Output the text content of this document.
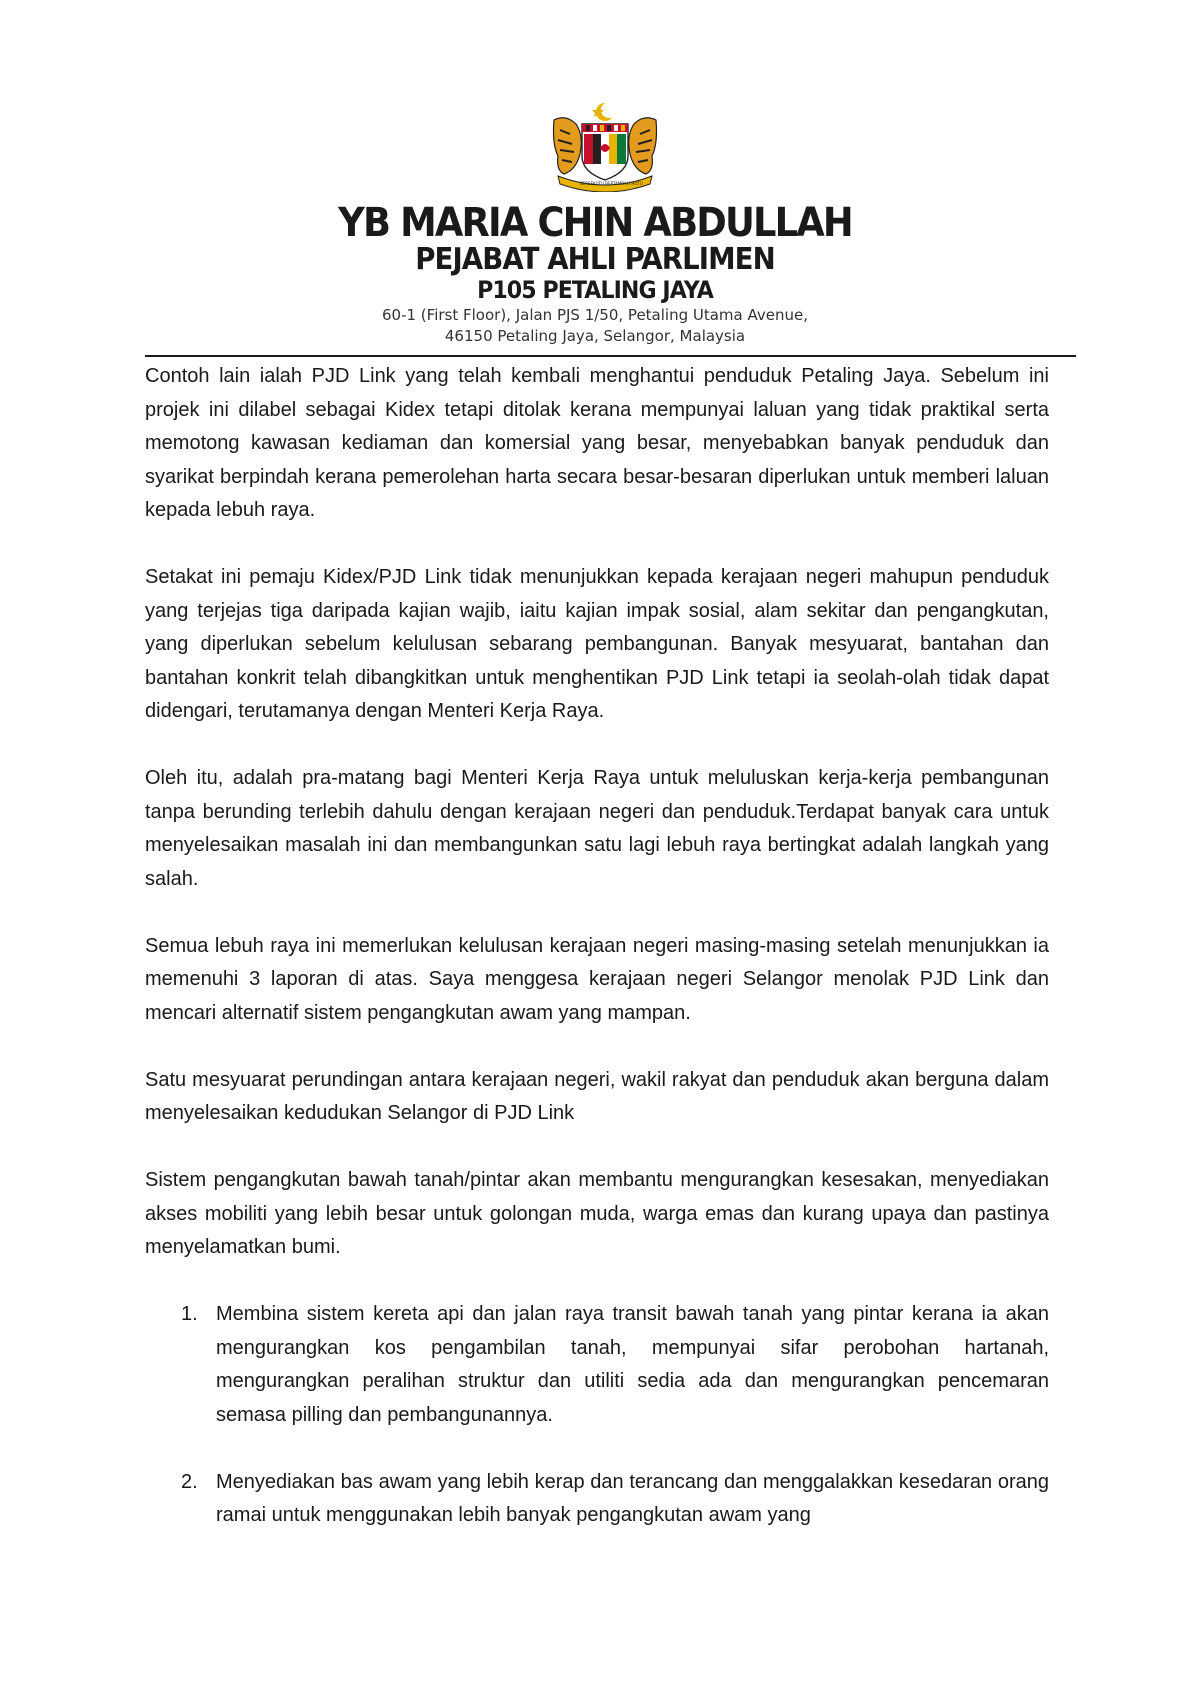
BERSEKUTU BERTAMBAH MUTU
YB MARIA CHIN ABDULLAH
PEJABAT AHLI PARLIMEN
P105 PETALING JAYA
60-1 (First Floor), Jalan PJS 1/50, Petaling Utama Avenue,
46150 Petaling Jaya, Selangor, Malaysia

Contoh lain ialah PJD Link yang telah kembali menghantui penduduk Petaling Jaya. Sebelum ini projek ini dilabel sebagai Kidex tetapi ditolak kerana mempunyai laluan yang tidak praktikal serta memotong kawasan kediaman dan komersial yang besar, menyebabkan banyak penduduk dan syarikat berpindah kerana pemerolehan harta secara besar-besaran diperlukan untuk memberi laluan kepada lebuh raya.

Setakat ini pemaju Kidex/PJD Link tidak menunjukkan kepada kerajaan negeri mahupun penduduk yang terjejas tiga daripada kajian wajib, iaitu kajian impak sosial, alam sekitar dan pengangkutan, yang diperlukan sebelum kelulusan sebarang pembangunan. Banyak mesyuarat, bantahan dan bantahan konkrit telah dibangkitkan untuk menghentikan PJD Link tetapi ia seolah-olah tidak dapat didengari, terutamanya dengan Menteri Kerja Raya.

Oleh itu, adalah pra-matang bagi Menteri Kerja Raya untuk meluluskan kerja-kerja pembangunan tanpa berunding terlebih dahulu dengan kerajaan negeri dan penduduk.Terdapat banyak cara untuk menyelesaikan masalah ini dan membangunkan satu lagi lebuh raya bertingkat adalah langkah yang salah.

Semua lebuh raya ini memerlukan kelulusan kerajaan negeri masing-masing setelah menunjukkan ia memenuhi 3 laporan di atas. Saya menggesa kerajaan negeri Selangor menolak PJD Link dan mencari alternatif sistem pengangkutan awam yang mampan.

Satu mesyuarat perundingan antara kerajaan negeri, wakil rakyat dan penduduk akan berguna dalam menyelesaikan kedudukan Selangor di PJD Link

Sistem pengangkutan bawah tanah/pintar akan membantu mengurangkan kesesakan, menyediakan akses mobiliti yang lebih besar untuk golongan muda, warga emas dan kurang upaya dan pastinya menyelamatkan bumi.

1. Membina sistem kereta api dan jalan raya transit bawah tanah yang pintar kerana ia akan mengurangkan kos pengambilan tanah, mempunyai sifar perobohan hartanah, mengurangkan peralihan struktur dan utiliti sedia ada dan mengurangkan pencemaran semasa pilling dan pembangunannya.
2. Menyediakan bas awam yang lebih kerap dan terancang dan menggalakkan kesedaran orang ramai untuk menggunakan lebih banyak pengangkutan awam yang
